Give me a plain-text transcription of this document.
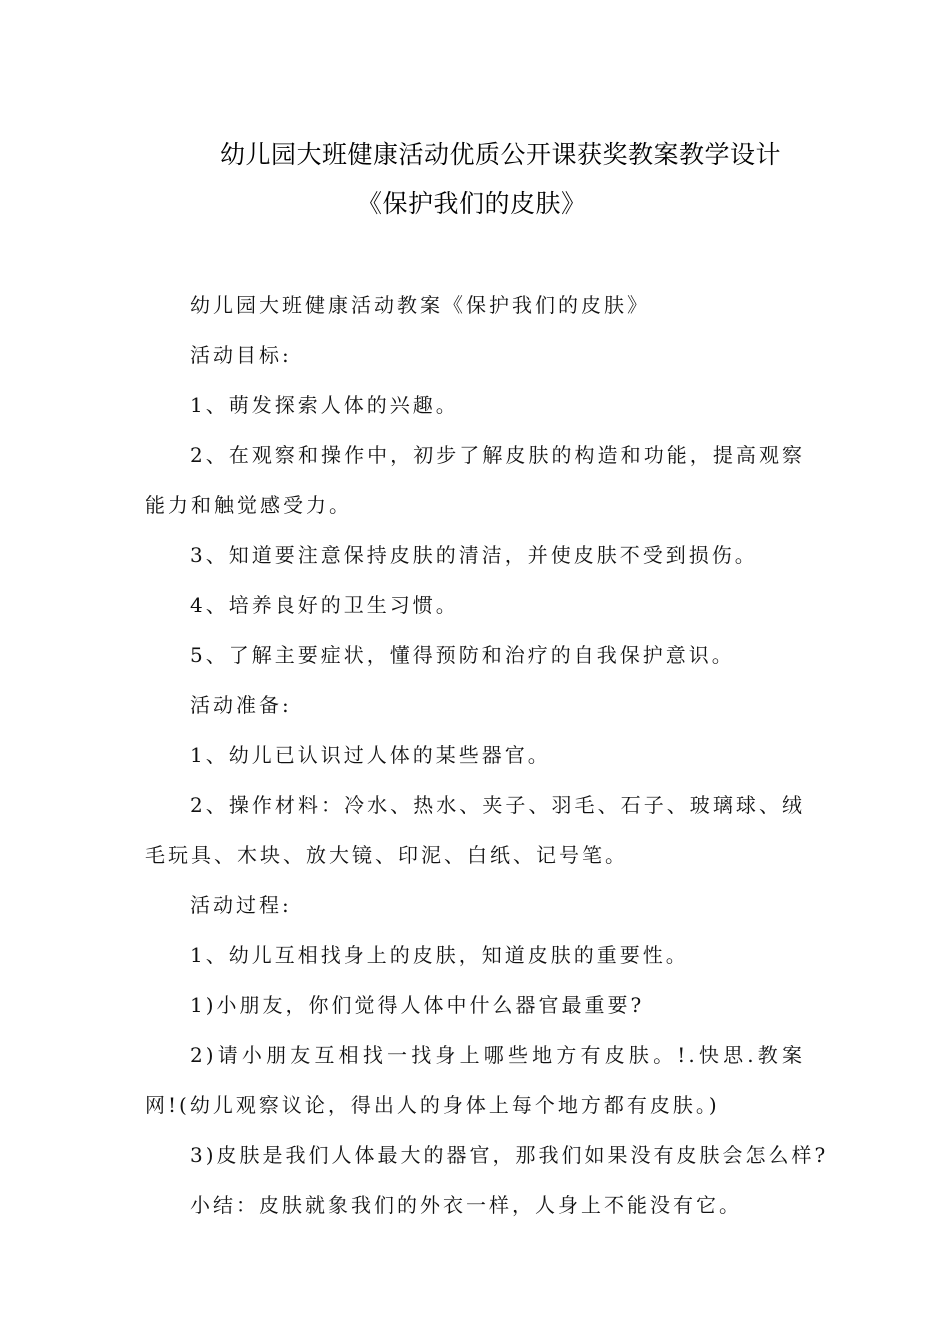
幼儿园大班健康活动优质公开课获奖教案教学设计
《保护我们的皮肤》

幼儿园大班健康活动教案《保护我们的皮肤》

活动目标:

1、萌发探索人体的兴趣。

2、在观察和操作中，初步了解皮肤的构造和功能，提高观察能力和触觉感受力。

3、知道要注意保持皮肤的清洁，并使皮肤不受到损伤。

4、培养良好的卫生习惯。

5、了解主要症状，懂得预防和治疗的自我保护意识。

活动准备:

1、幼儿已认识过人体的某些器官。

2、操作材料：冷水、热水、夹子、羽毛、石子、玻璃球、绒毛玩具、木块、放大镜、印泥、白纸、记号笔。

活动过程:

1、幼儿互相找身上的皮肤，知道皮肤的重要性。

1)小朋友，你们觉得人体中什么器官最重要?

2)请小朋友互相找一找身上哪些地方有皮肤。!.快思.教案网!(幼儿观察议论，得出人的身体上每个地方都有皮肤。)

3)皮肤是我们人体最大的器官，那我们如果没有皮肤会怎么样?

小结：皮肤就象我们的外衣一样，人身上不能没有它。
